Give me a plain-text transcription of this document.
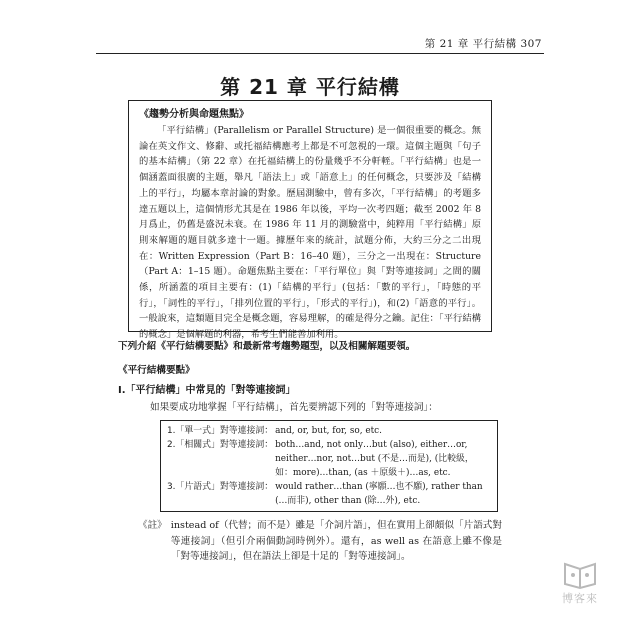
第 21 章 平行結構 307
第 21 章 平行結構

《趨勢分析與命題焦點》

「平行結構」(Parallelism or Parallel Structure) 是一個很重要的概念。無論在英文作文、修辭、或托福結構應考上都是不可忽視的一環。這個主題與「句子的基本結構」（第 22 章）在托福結構上的份量幾乎不分軒輊。「平行結構」也是一個涵蓋面很廣的主題，舉凡「語法上」或「語意上」的任何概念，只要涉及「結構上的平行」，均屬本章討論的對象。歷屆測驗中，曾有多次，「平行結構」的考題多達五題以上，這個情形尤其是在 1986 年以後，平均一次考四題；截至 2002 年 8 月爲止，仍舊是盛況未衰。在 1986 年 11 月的測驗當中，純粹用「平行結構」原則來解題的題目就多達十一題。據歷年來的統計，試題分佈，大約三分之二出現在：Written Expression（Part B：16–40 題），三分之一出現在：Structure（Part A：1–15 題）。命題焦點主要在：「平行單位」與「對等連接詞」之間的關係，所涵蓋的項目主要有：(1)「結構的平行」(包括：「數的平行」，「時態的平行」，「詞性的平行」，「排列位置的平行」，「形式的平行」)，和(2)「語意的平行」。一般說來，這類題目完全是概念題，容易理解，的確是得分之鑰。記住：「平行結構的概念」是個解題的利器，希考生們能善加利用。

下列介紹《平行結構要點》和最新常考趨勢題型，以及相關解題要領。
《平行結構要點》
I.「平行結構」中常見的「對等連接詞」
如果要成功地掌握「平行結構」，首先要辨認下列的「對等連接詞」：
1.「單一式」對等連接詞： and, or, but, for, so, etc.
2.「相關式」對等連接詞： both…and, not only…but (also), either…or, neither…nor, not…but (不是…而是), (比較級，如：more)…than, (as ＋原級＋)…as, etc.
3.「片語式」對等連接詞： would rather…than (寧願…也不願), rather than (…而非), other than (除…外), etc.
《註》 instead of（代替；而不是）雖是「介詞片語」，但在實用上卻頗似「片語式對等連接詞」（但引介兩個動詞時例外）。還有，as well as 在語意上雖不像是「對等連接詞」，但在語法上卻是十足的「對等連接詞」。
博客來
